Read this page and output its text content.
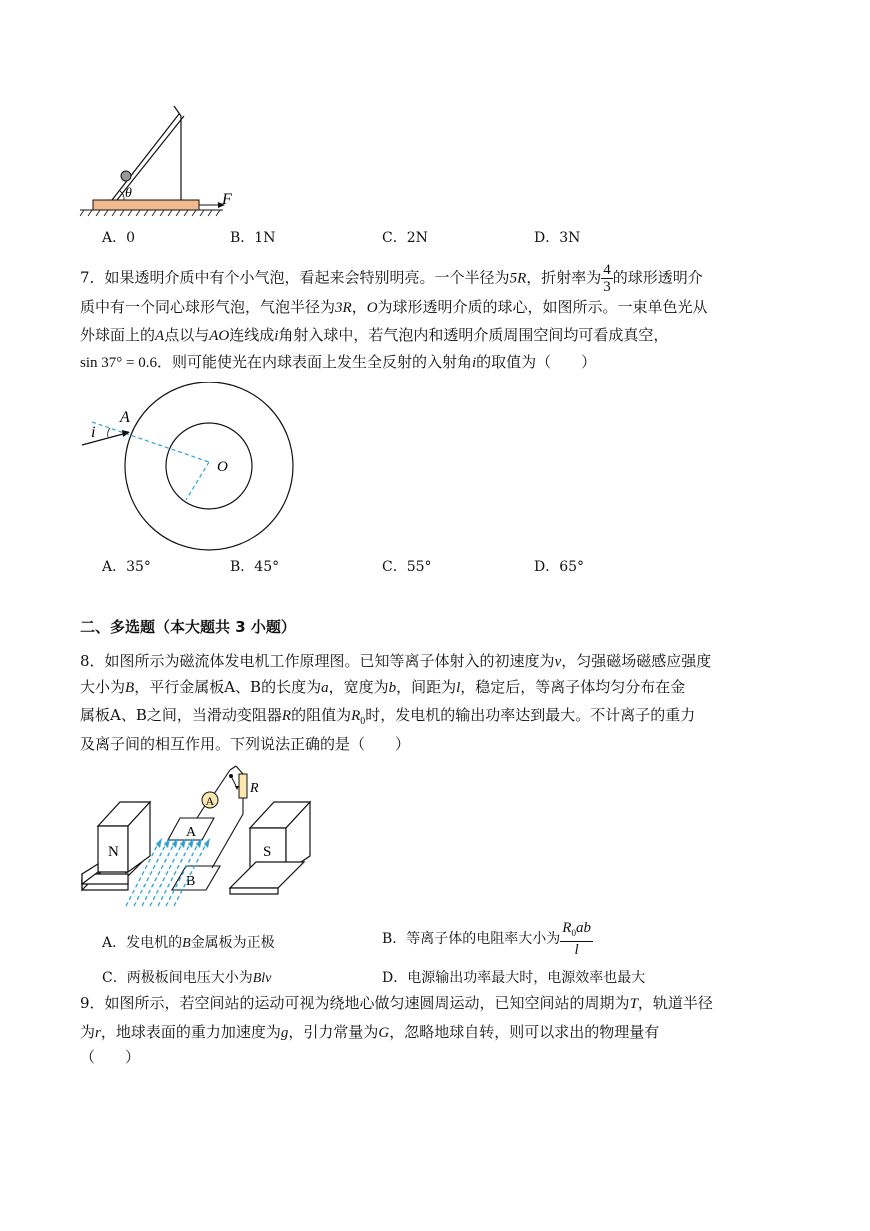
θ	F
A．0	B．1N	C．2N	D．3N
7．如果透明介质中有个小气泡，看起来会特别明亮。一个半径为5R，折射率为 $\frac{4}{3}$ 的球形透明介
质中有一个同心球形气泡，气泡半径为3R，O为球形透明介质的球心，如图所示。一束单色光从
外球面上的A点以与AO连线成i角射入球中，若气泡内和透明介质周围空间均可看成真空，
sin 37° = 0.6．则可能使光在内球表面上发生全反射的入射角i的取值为（　　）
A
i
O
A．35°	B．45°	C．55°	D．65°
二、多选题（本大题共 3 小题）
8．如图所示为磁流体发电机工作原理图。已知等离子体射入的初速度为v，匀强磁场磁感应强度
大小为B，平行金属板A、B的长度为a，宽度为b，间距为l，稳定后，等离子体均匀分布在金
属板A、B之间，当滑动变阻器R的阻值为$R_0$时，发电机的输出功率达到最大。不计离子的重力
及离子间的相互作用。下列说法正确的是（　　）
N	S
A
B
R
A
A．发电机的B金属板为正极	B．等离子体的电阻率大小为 $\frac{R_0ab}{l}$
C．两极板间电压大小为Blv	D．电源输出功率最大时，电源效率也最大
9．如图所示，若空间站的运动可视为绕地心做匀速圆周运动，已知空间站的周期为T，轨道半径
为r，地球表面的重力加速度为g，引力常量为G，忽略地球自转，则可以求出的物理量有
（　　）
